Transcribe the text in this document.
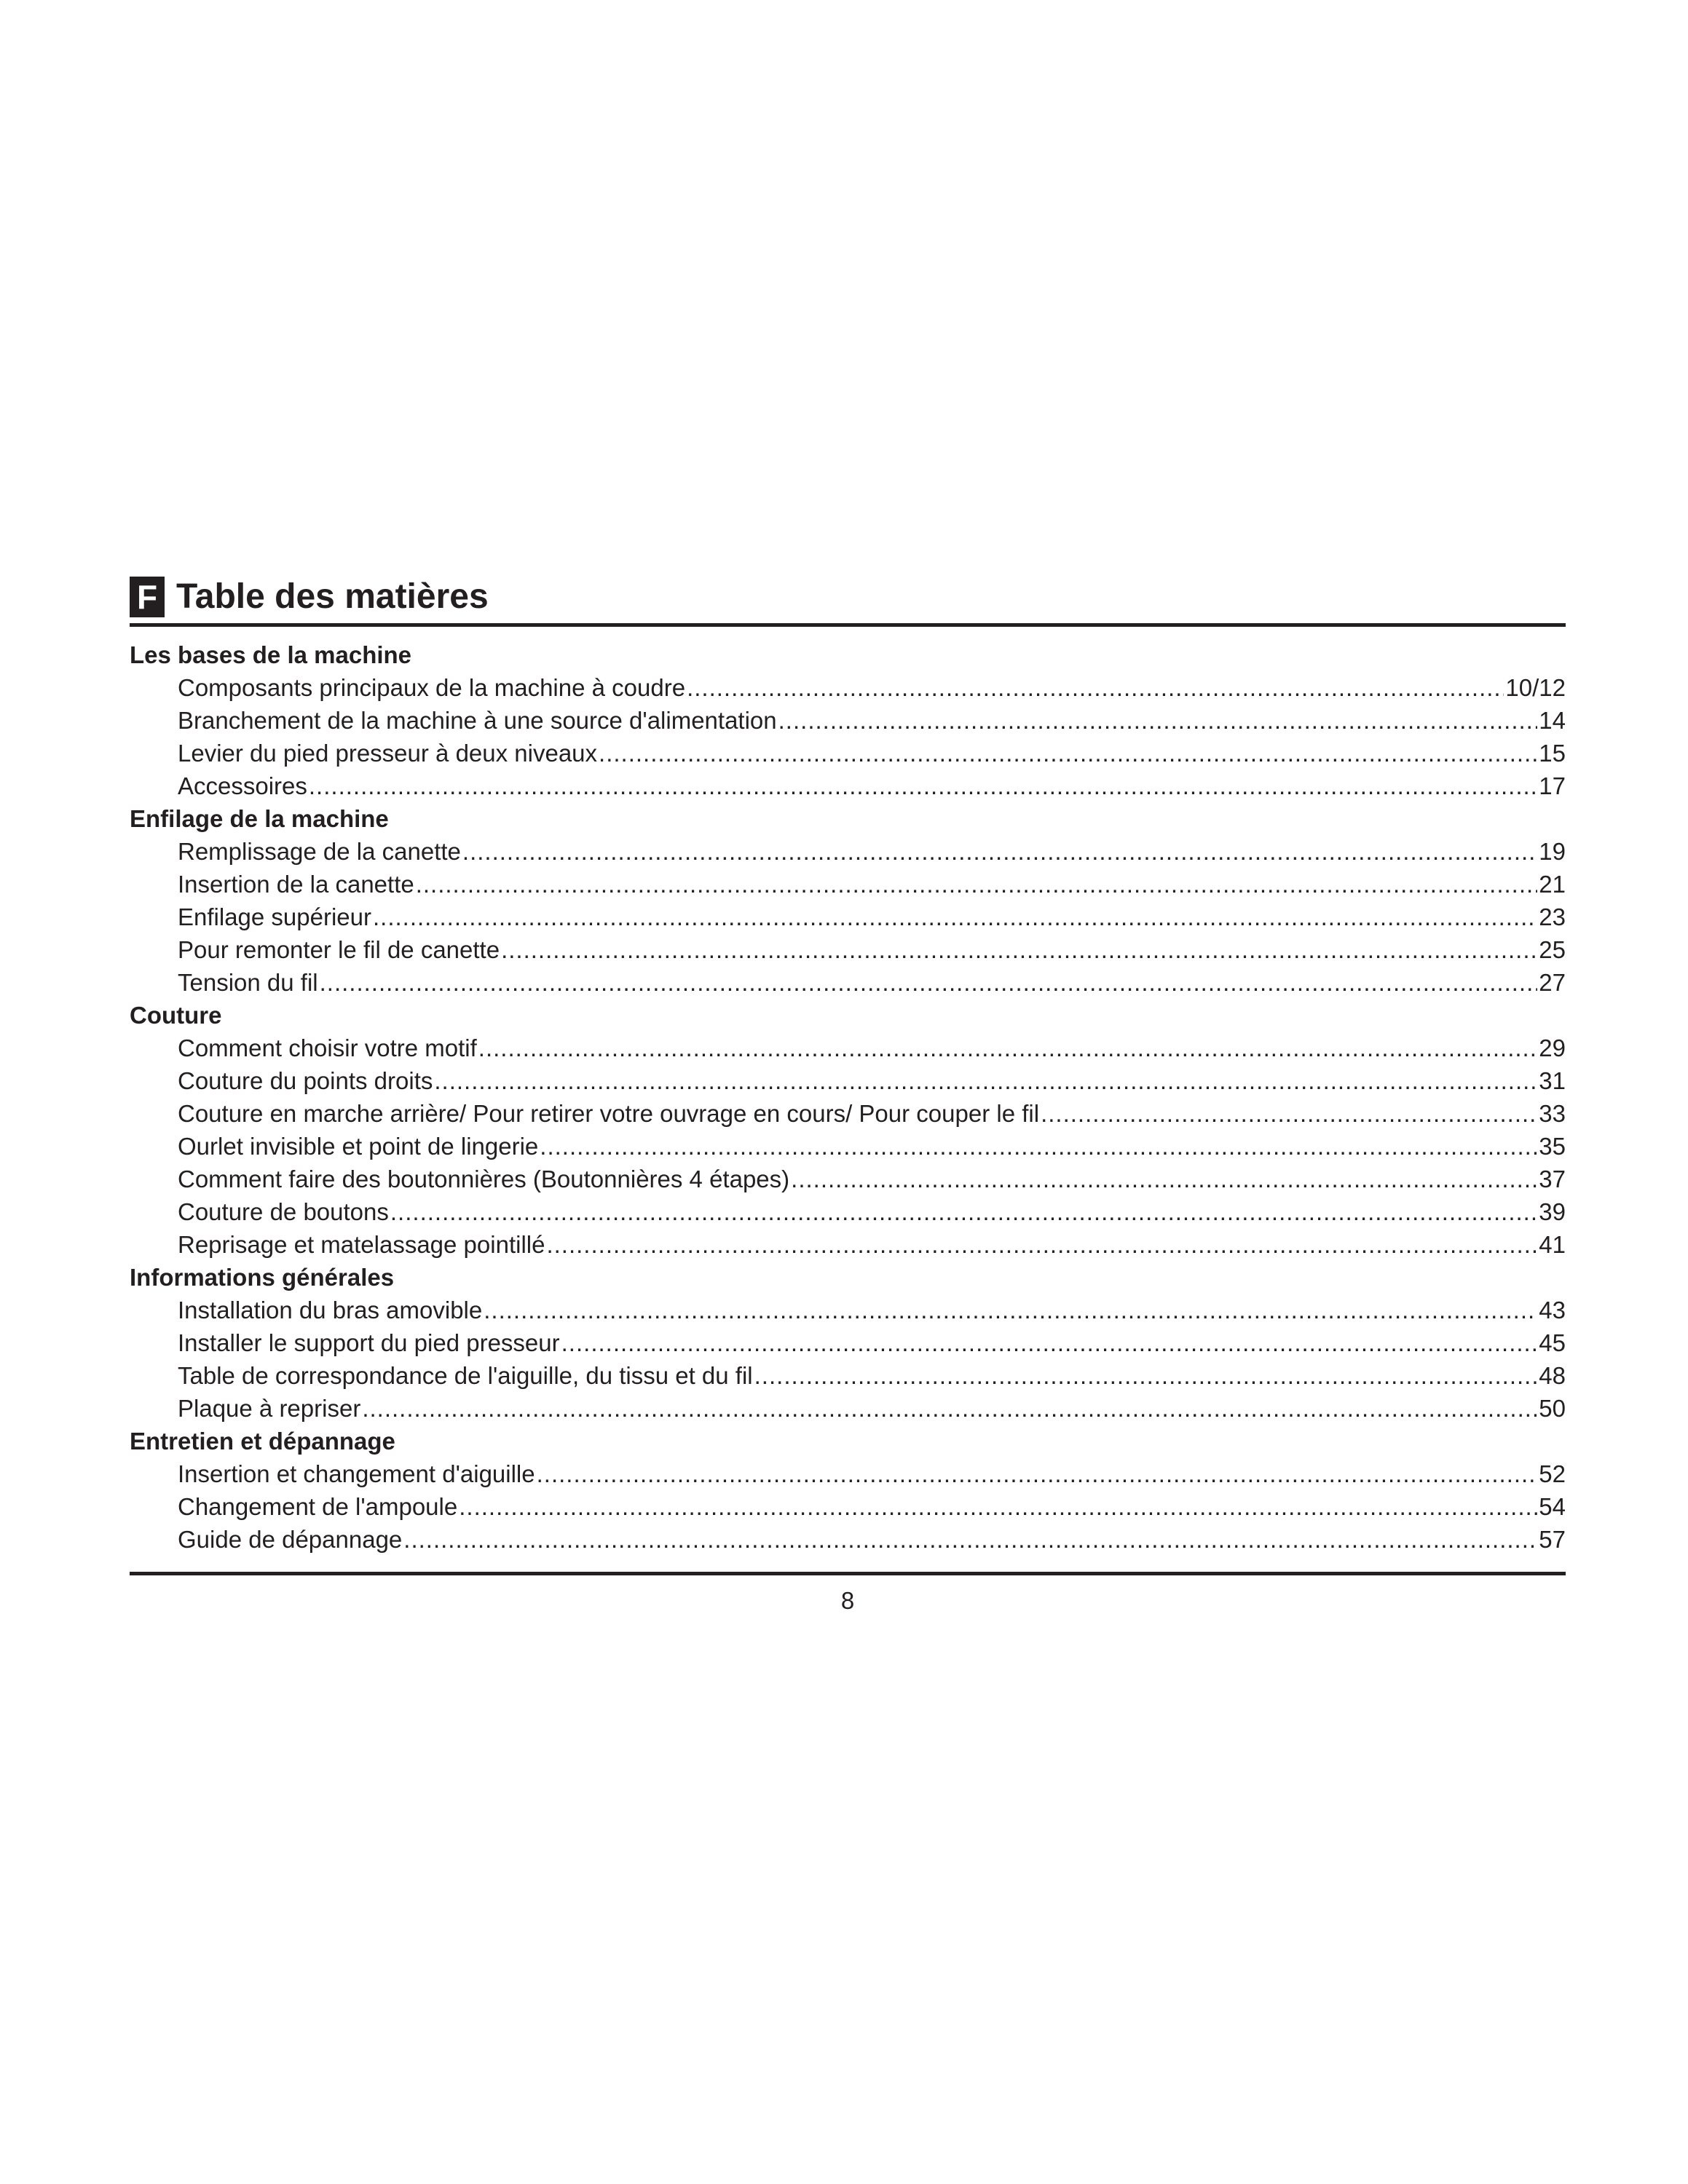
F Table des matières
Les bases de la machine
Composants principaux de la machine à coudre .....	10/12
Branchement de la machine à une source d'alimentation .....	14
Levier du pied presseur à deux niveaux .....	15
Accessoires .....	17
Enfilage de la machine
Remplissage de la canette .....	19
Insertion de la canette .....	21
Enfilage supérieur .....	23
Pour remonter le fil de canette .....	25
Tension du fil .....	27
Couture
Comment choisir votre motif .....	29
Couture du points droits .....	31
Couture en marche arrière/ Pour retirer votre ouvrage en cours/ Pour couper le fil .....	33
Ourlet invisible et point de lingerie .....	35
Comment faire des boutonnières (Boutonnières 4 étapes) .....	37
Couture de boutons .....	39
Reprisage et matelassage pointillé .....	41
Informations générales
Installation du bras amovible .....	43
Installer le support du pied presseur .....	45
Table de correspondance de l'aiguille, du tissu et du fil .....	48
Plaque à repriser .....	50
Entretien et dépannage
Insertion et changement d'aiguille .....	52
Changement de l'ampoule .....	54
Guide de dépannage .....	57
8
